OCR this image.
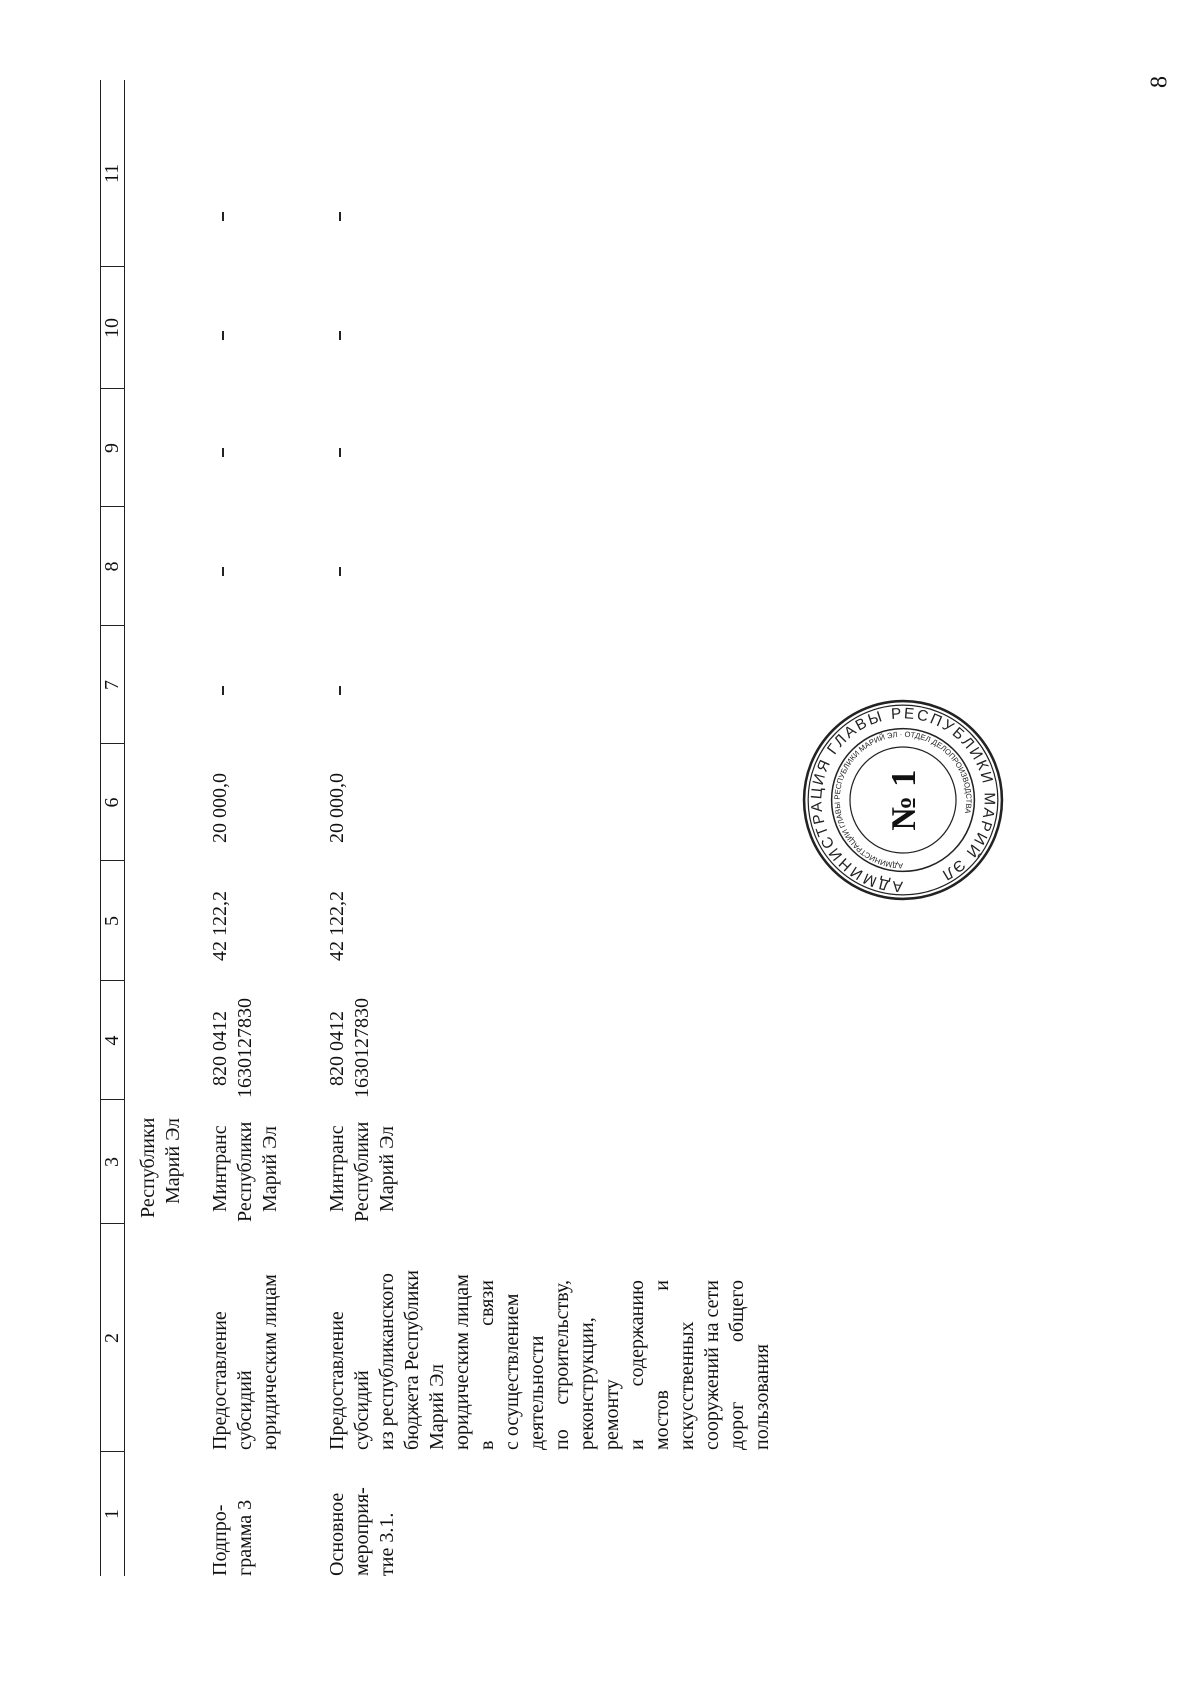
8
1
2
3
4
5
6
7
8
9
10
11
Республики Марий Эл
Подпро- грамма 3
Предоставление субсидий юридическим лицам
Минтранс Республики Марий Эл
820 0412 1630127830
42 122,2
20 000,0
Основное мероприя- тие 3.1.
Предоставление субсидий из республиканского бюджета Республики Марий Эл юридическим лицам в связи с осуществлением деятельности по строительству, реконструкции, ремонту и содержанию мостов и искусственных сооружений на сети дорог общего пользования
Минтранс Республики Марий Эл
820 0412 1630127830
42 122,2
20 000,0
АДМИНИСТРАЦИЯ ГЛАВЫ РЕСПУБЛИКИ МАРИЙ ЭЛ
АДМИНИСТРАЦИИ ГЛАВЫ РЕСПУБЛИКИ МАРИЙ ЭЛ · ОТДЕЛ ДЕЛОПРОИЗВОДСТВА
№ 1
